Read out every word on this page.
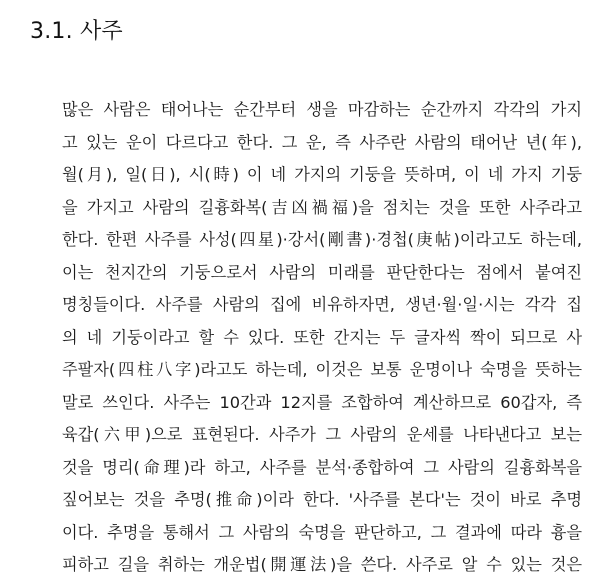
3.1. 사주
많은 사람은 태어나는 순간부터 생을 마감하는 순간까지 각각의 가지
고 있는 운이 다르다고 한다. 그 운, 즉 사주란 사람의 태어난 년(年),
월(月), 일(日), 시(時) 이 네 가지의 기둥을 뜻하며, 이 네 가지 기둥
을 가지고 사람의 길흉화복(吉凶禍福)을 점치는 것을 또한 사주라고
한다. 한편 사주를 사성(四星)·강서(剛書)·경첩(庚帖)이라고도 하는데,
이는 천지간의 기둥으로서 사람의 미래를 판단한다는 점에서 붙여진
명칭들이다. 사주를 사람의 집에 비유하자면, 생년·월·일·시는 각각 집
의 네 기둥이라고 할 수 있다. 또한 간지는 두 글자씩 짝이 되므로 사
주팔자(四柱八字)라고도 하는데, 이것은 보통 운명이나 숙명을 뜻하는
말로 쓰인다. 사주는 10간과 12지를 조합하여 계산하므로 60갑자, 즉
육갑(六甲)으로 표현된다. 사주가 그 사람의 운세를 나타낸다고 보는
것을 명리(命理)라 하고, 사주를 분석·종합하여 그 사람의 길흉화복을
짚어보는 것을 추명(推命)이라 한다. '사주를 본다'는 것이 바로 추명
이다. 추명을 통해서 그 사람의 숙명을 판단하고, 그 결과에 따라 흉을
피하고 길을 취하는 개운법(開運法)을 쓴다. 사주로 알 수 있는 것은
